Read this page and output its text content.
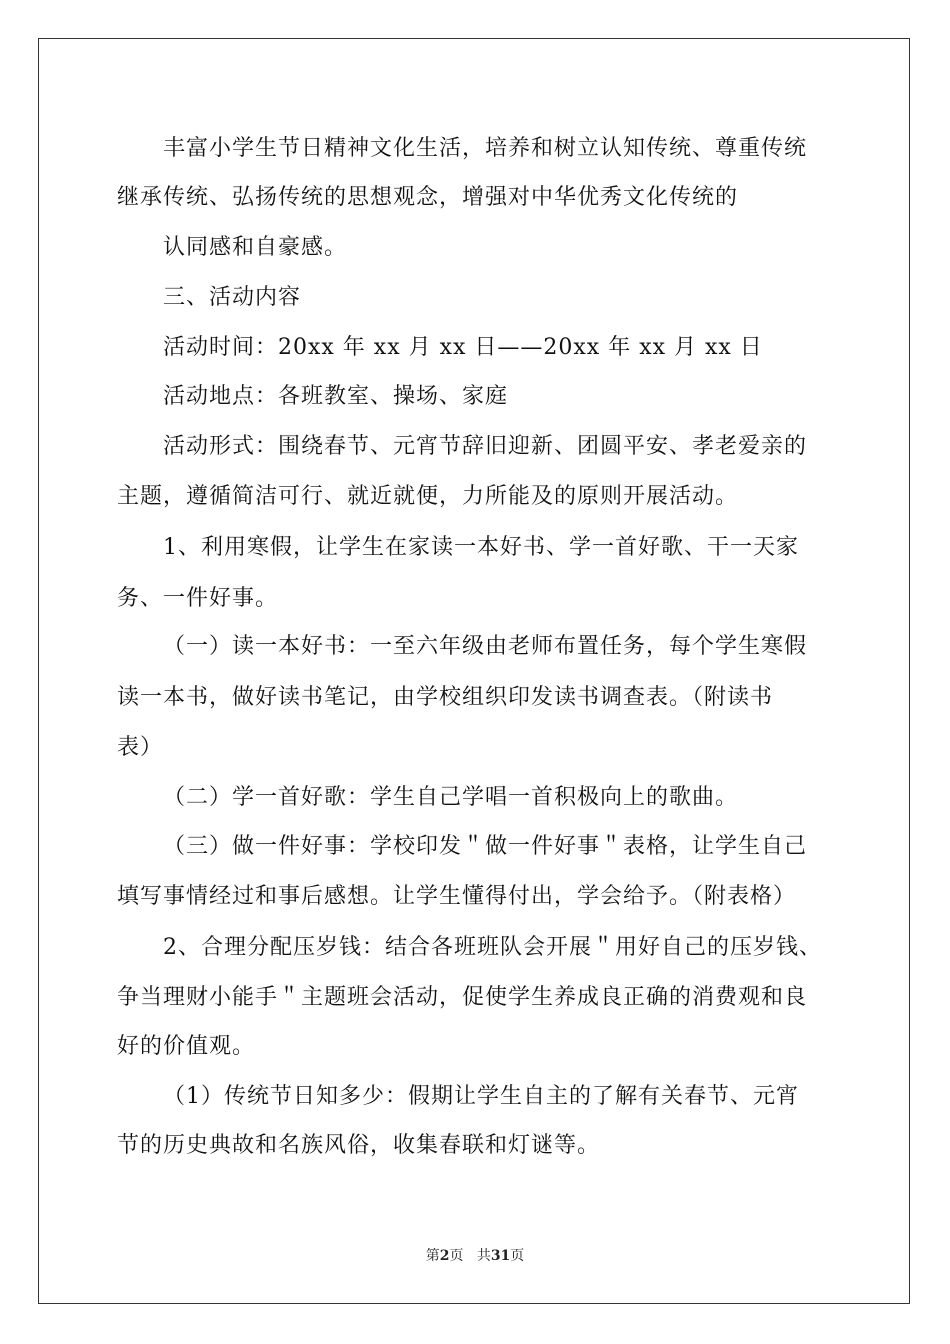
丰富小学生节日精神文化生活，培养和树立认知传统、尊重传统
继承传统、弘扬传统的思想观念，增强对中华优秀文化传统的
认同感和自豪感。
三、活动内容
活动时间：20xx 年 xx 月 xx 日——20xx 年 xx 月 xx 日
活动地点：各班教室、操场、家庭
活动形式：围绕春节、元宵节辞旧迎新、团圆平安、孝老爱亲的
主题，遵循简洁可行、就近就便，力所能及的原则开展活动。
1、利用寒假，让学生在家读一本好书、学一首好歌、干一天家
务、一件好事。
（一）读一本好书：一至六年级由老师布置任务，每个学生寒假
读一本书，做好读书笔记，由学校组织印发读书调查表。（附读书
表）
（二）学一首好歌：学生自己学唱一首积极向上的歌曲。
（三）做一件好事：学校印发＂做一件好事＂表格，让学生自己
填写事情经过和事后感想。让学生懂得付出，学会给予。（附表格）
2、合理分配压岁钱：结合各班班队会开展＂用好自己的压岁钱、
争当理财小能手＂主题班会活动，促使学生养成良正确的消费观和良
好的价值观。
（1）传统节日知多少：假期让学生自主的了解有关春节、元宵
节的历史典故和名族风俗，收集春联和灯谜等。
第2页 共31页
